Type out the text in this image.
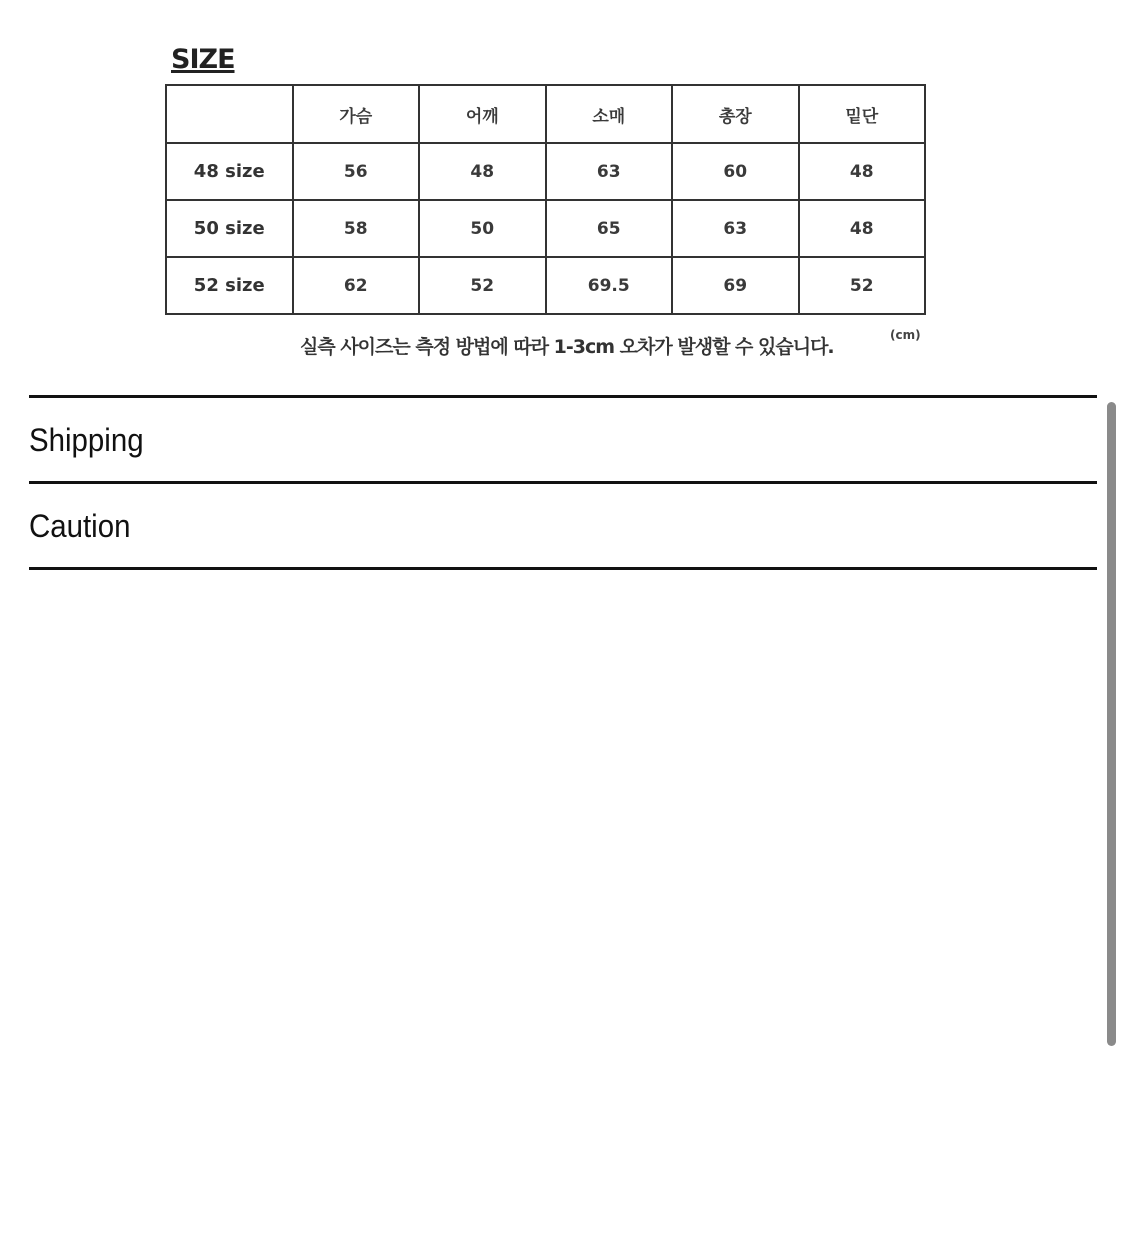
SIZE
	가슴	어깨	소매	총장	밑단
48 size	56	48	63	60	48
50 size	58	50	65	63	48
52 size	62	52	69.5	69	52
실측 사이즈는 측정 방법에 따라 1-3cm 오차가 발생할 수 있습니다.
(cm)
Shipping
Caution
